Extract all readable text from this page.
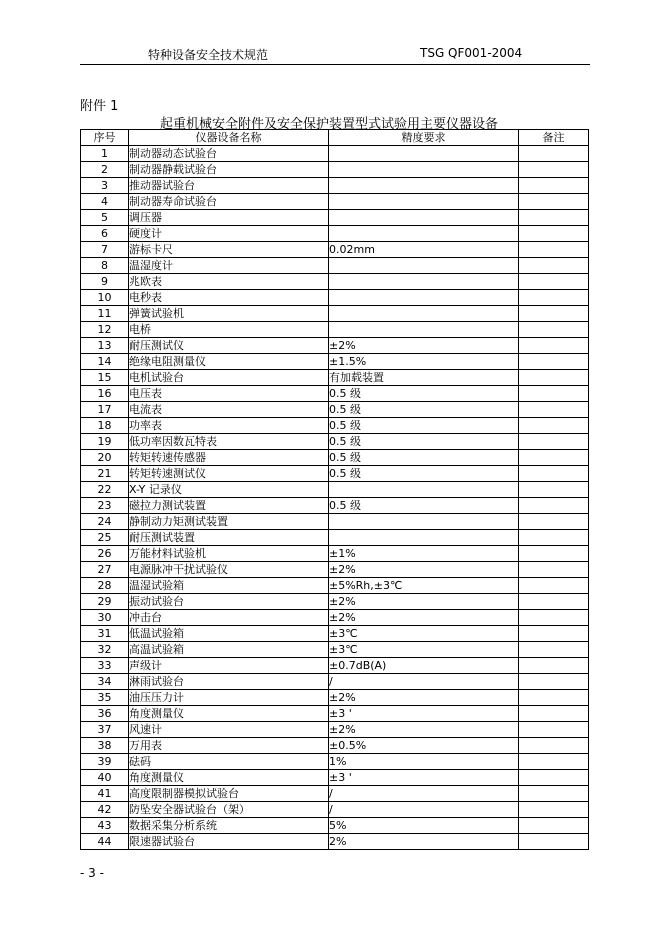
特种设备安全技术规范	TSG QF001-2004
附件 1
起重机械安全附件及安全保护装置型式试验用主要仪器设备
序号	仪器设备名称	精度要求	备注
1	制动器动态试验台		
2	制动器静载试验台		
3	推动器试验台		
4	制动器寿命试验台		
5	调压器		
6	硬度计		
7	游标卡尺	0.02mm	
8	温湿度计		
9	兆欧表		
10	电秒表		
11	弹簧试验机		
12	电桥		
13	耐压测试仪	±2%	
14	绝缘电阻测量仪	±1.5%	
15	电机试验台	有加载装置	
16	电压表	0.5 级	
17	电流表	0.5 级	
18	功率表	0.5 级	
19	低功率因数瓦特表	0.5 级	
20	转矩转速传感器	0.5 级	
21	转矩转速测试仪	0.5 级	
22	X-Y 记录仪		
23	磁拉力测试装置	0.5 级	
24	静制动力矩测试装置		
25	耐压测试装置		
26	万能材料试验机	±1%	
27	电源脉冲干扰试验仪	±2%	
28	温湿试验箱	±5%Rh,±3℃	
29	振动试验台	±2%	
30	冲击台	±2%	
31	低温试验箱	±3℃	
32	高温试验箱	±3℃	
33	声级计	±0.7dB(A)	
34	淋雨试验台	/	
35	油压压力计	±2%	
36	角度测量仪	±3 '	
37	风速计	±2%	
38	万用表	±0.5%	
39	砝码	1%	
40	角度测量仪	±3 '	
41	高度限制器模拟试验台	/	
42	防坠安全器试验台（架）	/	
43	数据采集分析系统	5%	
44	限速器试验台	2%	
- 3 -
